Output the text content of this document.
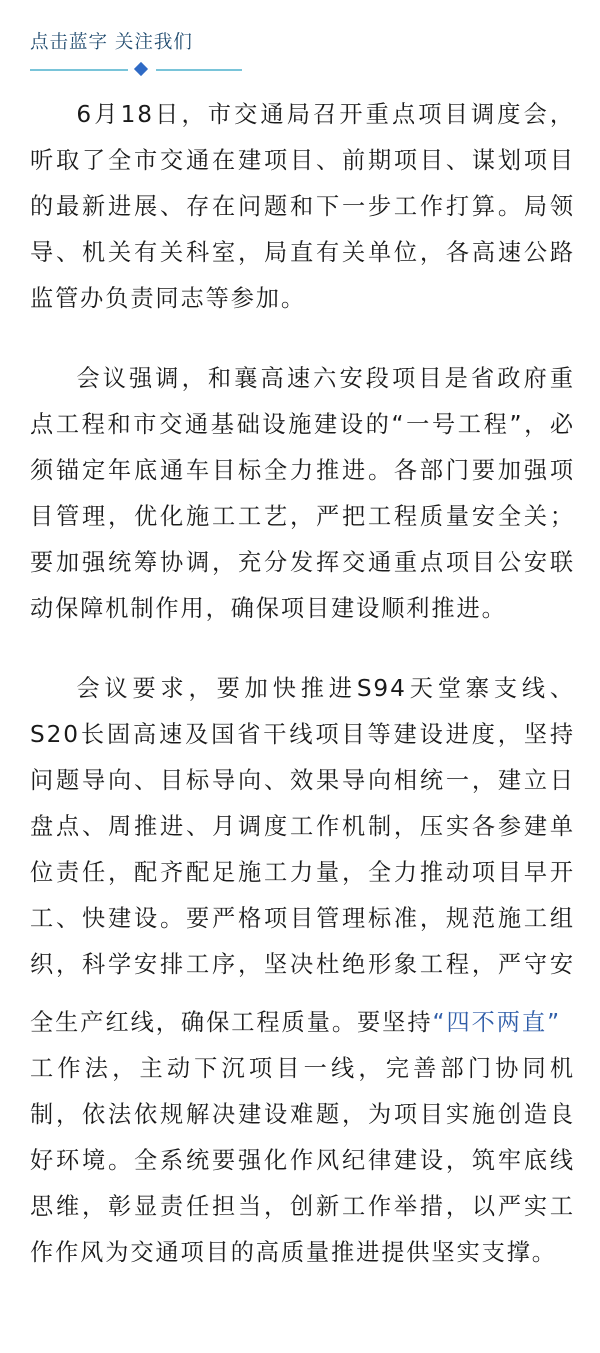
点击蓝字 关注我们

6月18日，市交通局召开重点项目调度会，听取了全市交通在建项目、前期项目、谋划项目的最新进展、存在问题和下一步工作打算。局领导、机关有关科室，局直有关单位，各高速公路监管办负责同志等参加。

会议强调，和襄高速六安段项目是省政府重点工程和市交通基础设施建设的“一号工程”，必须锚定年底通车目标全力推进。各部门要加强项目管理，优化施工工艺，严把工程质量安全关；要加强统筹协调，充分发挥交通重点项目公安联动保障机制作用，确保项目建设顺利推进。

会议要求，要加快推进S94天堂寨支线、S20长固高速及国省干线项目等建设进度，坚持问题导向、目标导向、效果导向相统一，建立日盘点、周推进、月调度工作机制，压实各参建单位责任，配齐配足施工力量，全力推动项目早开工、快建设。要严格项目管理标准，规范施工组织，科学安排工序，坚决杜绝形象工程，严守安全生产红线，确保工程质量。要坚持“四不两直”工作法，主动下沉项目一线，完善部门协同机制，依法依规解决建设难题，为项目实施创造良好环境。全系统要强化作风纪律建设，筑牢底线思维，彰显责任担当，创新工作举措，以严实工作作风为交通项目的高质量推进提供坚实支撑。
